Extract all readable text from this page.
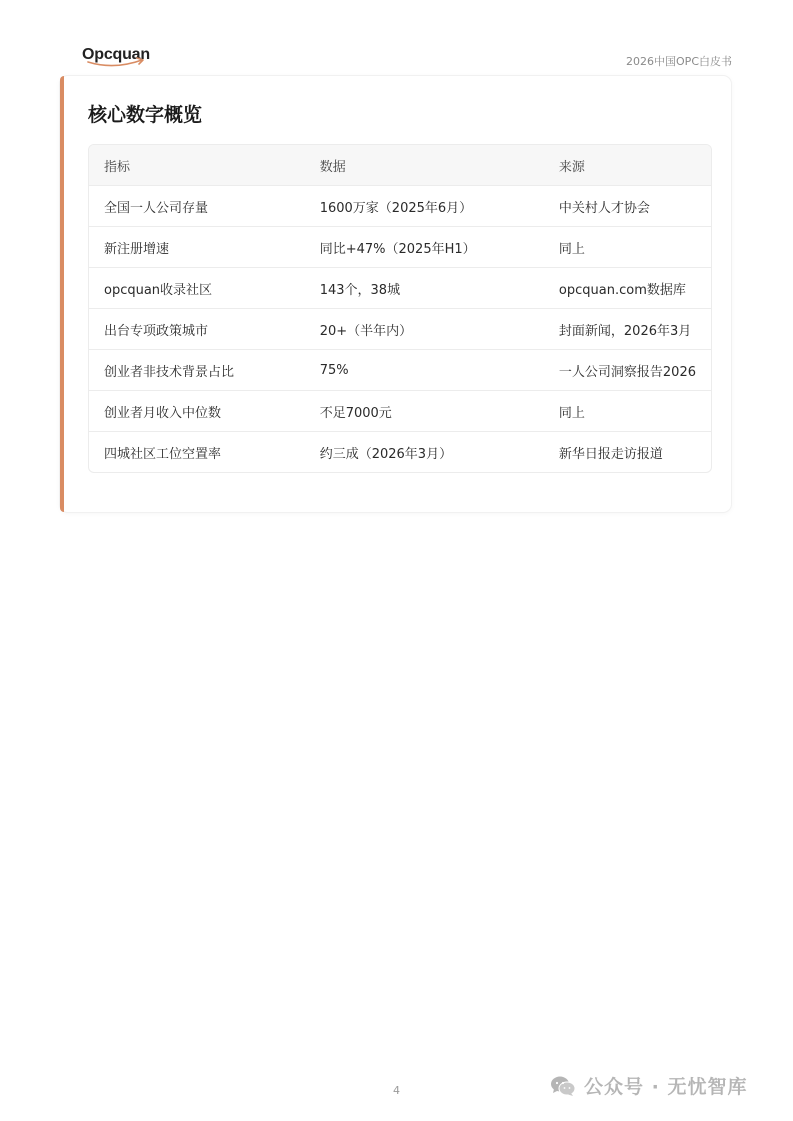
Opcquan	2026中国OPC白皮书
核心数字概览
指标	数据	来源
全国一人公司存量	1600万家（2025年6月）	中关村人才协会
新注册增速	同比+47%（2025年H1）	同上
opcquan收录社区	143个，38城	opcquan.com数据库
出台专项政策城市	20+（半年内）	封面新闻，2026年3月
创业者非技术背景占比	75%	一人公司洞察报告2026
创业者月收入中位数	不足7000元	同上
四城社区工位空置率	约三成（2026年3月）	新华日报走访报道
4	公众号 · 无忧智库
